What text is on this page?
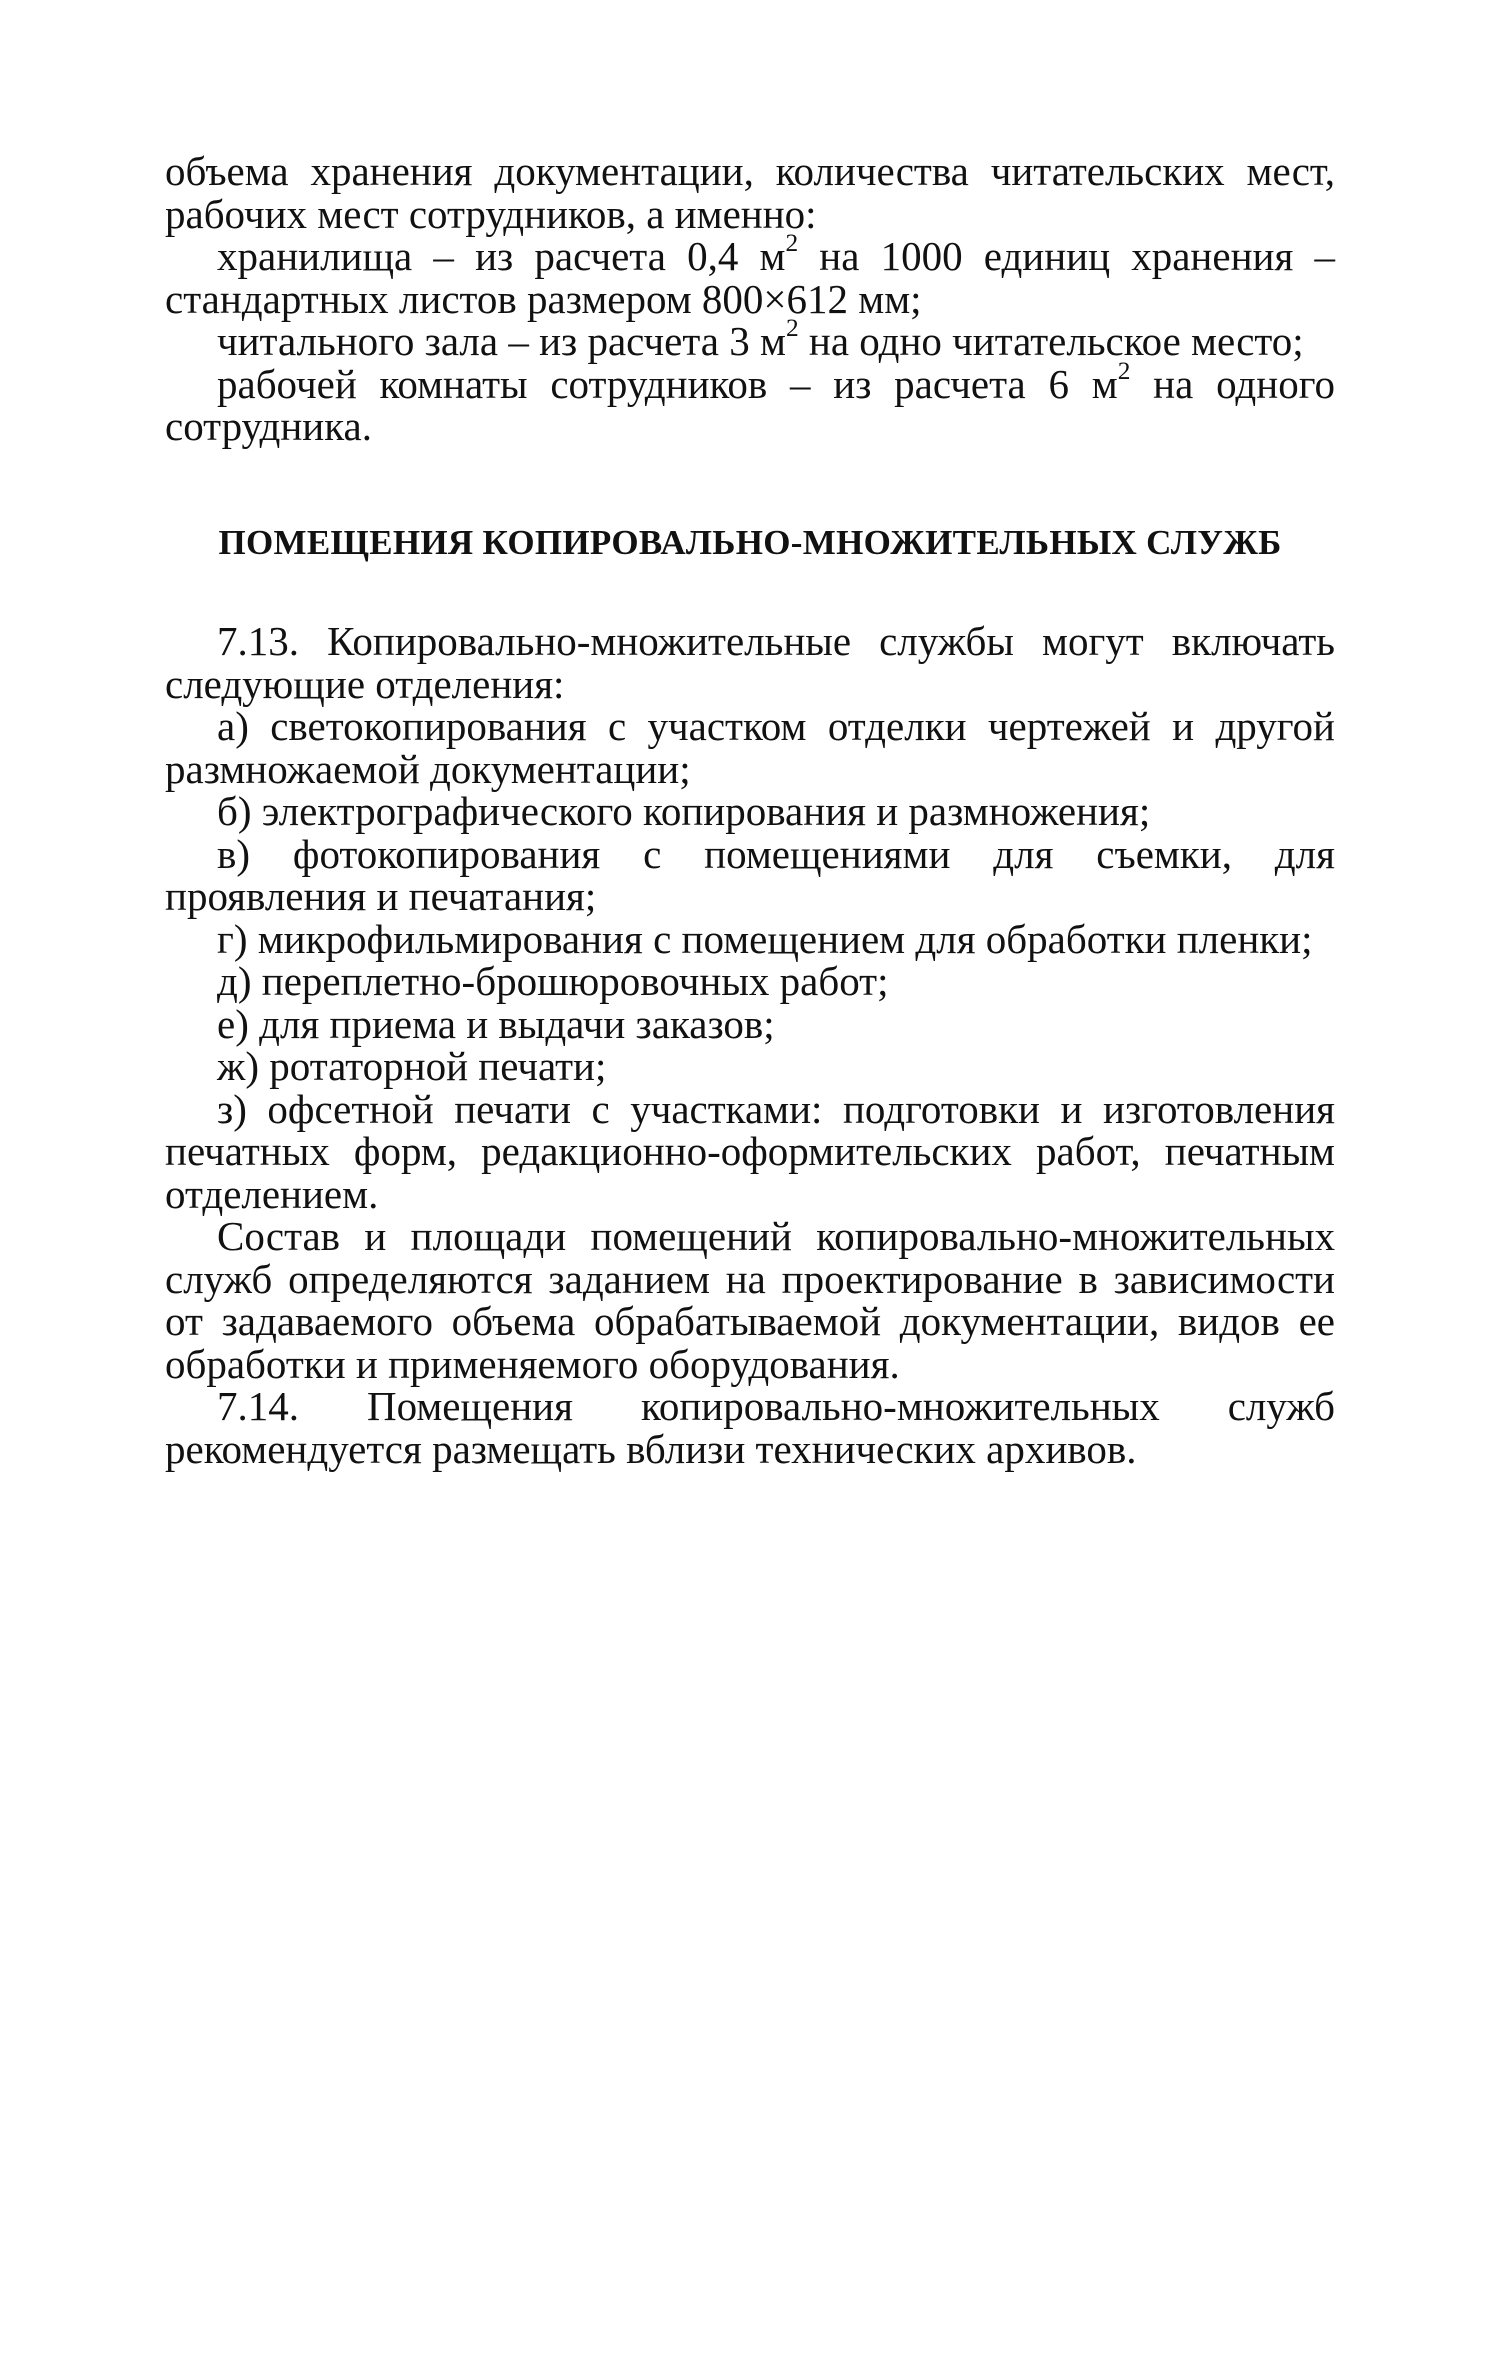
объема хранения документации, количества читательских мест, рабочих мест сотрудников, а именно:

хранилища – из расчета 0,4 $м^2$ на 1000 единиц хранения – стандартных листов размером 800×612 мм;

читального зала – из расчета 3 $м^2$ на одно читательское место;

рабочей комнаты сотрудников – из расчета 6 $м^2$ на одного сотрудника.

ПОМЕЩЕНИЯ КОПИРОВАЛЬНО-МНОЖИТЕЛЬНЫХ СЛУЖБ

7.13. Копировально-множительные службы могут включать следующие отделения:

а) светокопирования с участком отделки чертежей и другой размножаемой документации;

б) электрографического копирования и размножения;

в) фотокопирования с помещениями для съемки, для проявления и печатания;

г) микрофильмирования с помещением для обработки пленки;

д) переплетно-брошюровочных работ;

е) для приема и выдачи заказов;

ж) ротаторной печати;

з) офсетной печати с участками: подготовки и изготовления печатных форм, редакционно-оформительских работ, печатным отделением.

Состав и площади помещений копировально-множительных служб определяются заданием на проектирование в зависимости от задаваемого объема обрабатываемой документации, видов ее обработки и применяемого оборудования.

7.14. Помещения копировально-множительных служб рекомендуется размещать вблизи технических архивов.
